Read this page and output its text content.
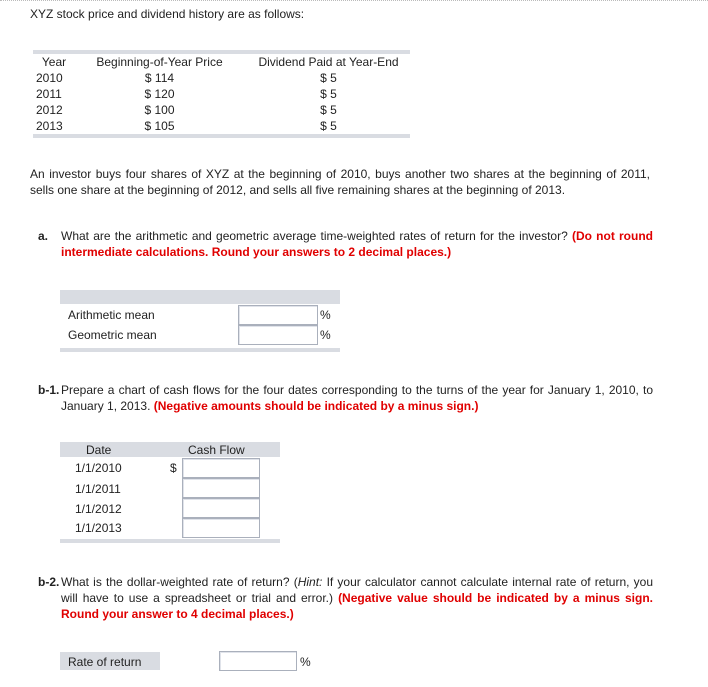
XYZ stock price and dividend history are as follows:
Year	Beginning-of-Year Price	Dividend Paid at Year-End
2010	$ 114	$ 5
2011	$ 120	$ 5
2012	$ 100	$ 5
2013	$ 105	$ 5
An investor buys four shares of XYZ at the beginning of 2010, buys another two shares at the beginning of 2011, sells one share at the beginning of 2012, and sells all five remaining shares at the beginning of 2013.
a. What are the arithmetic and geometric average time-weighted rates of return for the investor? (Do not round intermediate calculations. Round your answers to 2 decimal places.)
Arithmetic mean	%
Geometric mean	%
b-1. Prepare a chart of cash flows for the four dates corresponding to the turns of the year for January 1, 2010, to January 1, 2013. (Negative amounts should be indicated by a minus sign.)
Date	Cash Flow
1/1/2010	$
1/1/2011
1/1/2012
1/1/2013
b-2. What is the dollar-weighted rate of return? (Hint: If your calculator cannot calculate internal rate of return, you will have to use a spreadsheet or trial and error.) (Negative value should be indicated by a minus sign. Round your answer to 4 decimal places.)
Rate of return	%
